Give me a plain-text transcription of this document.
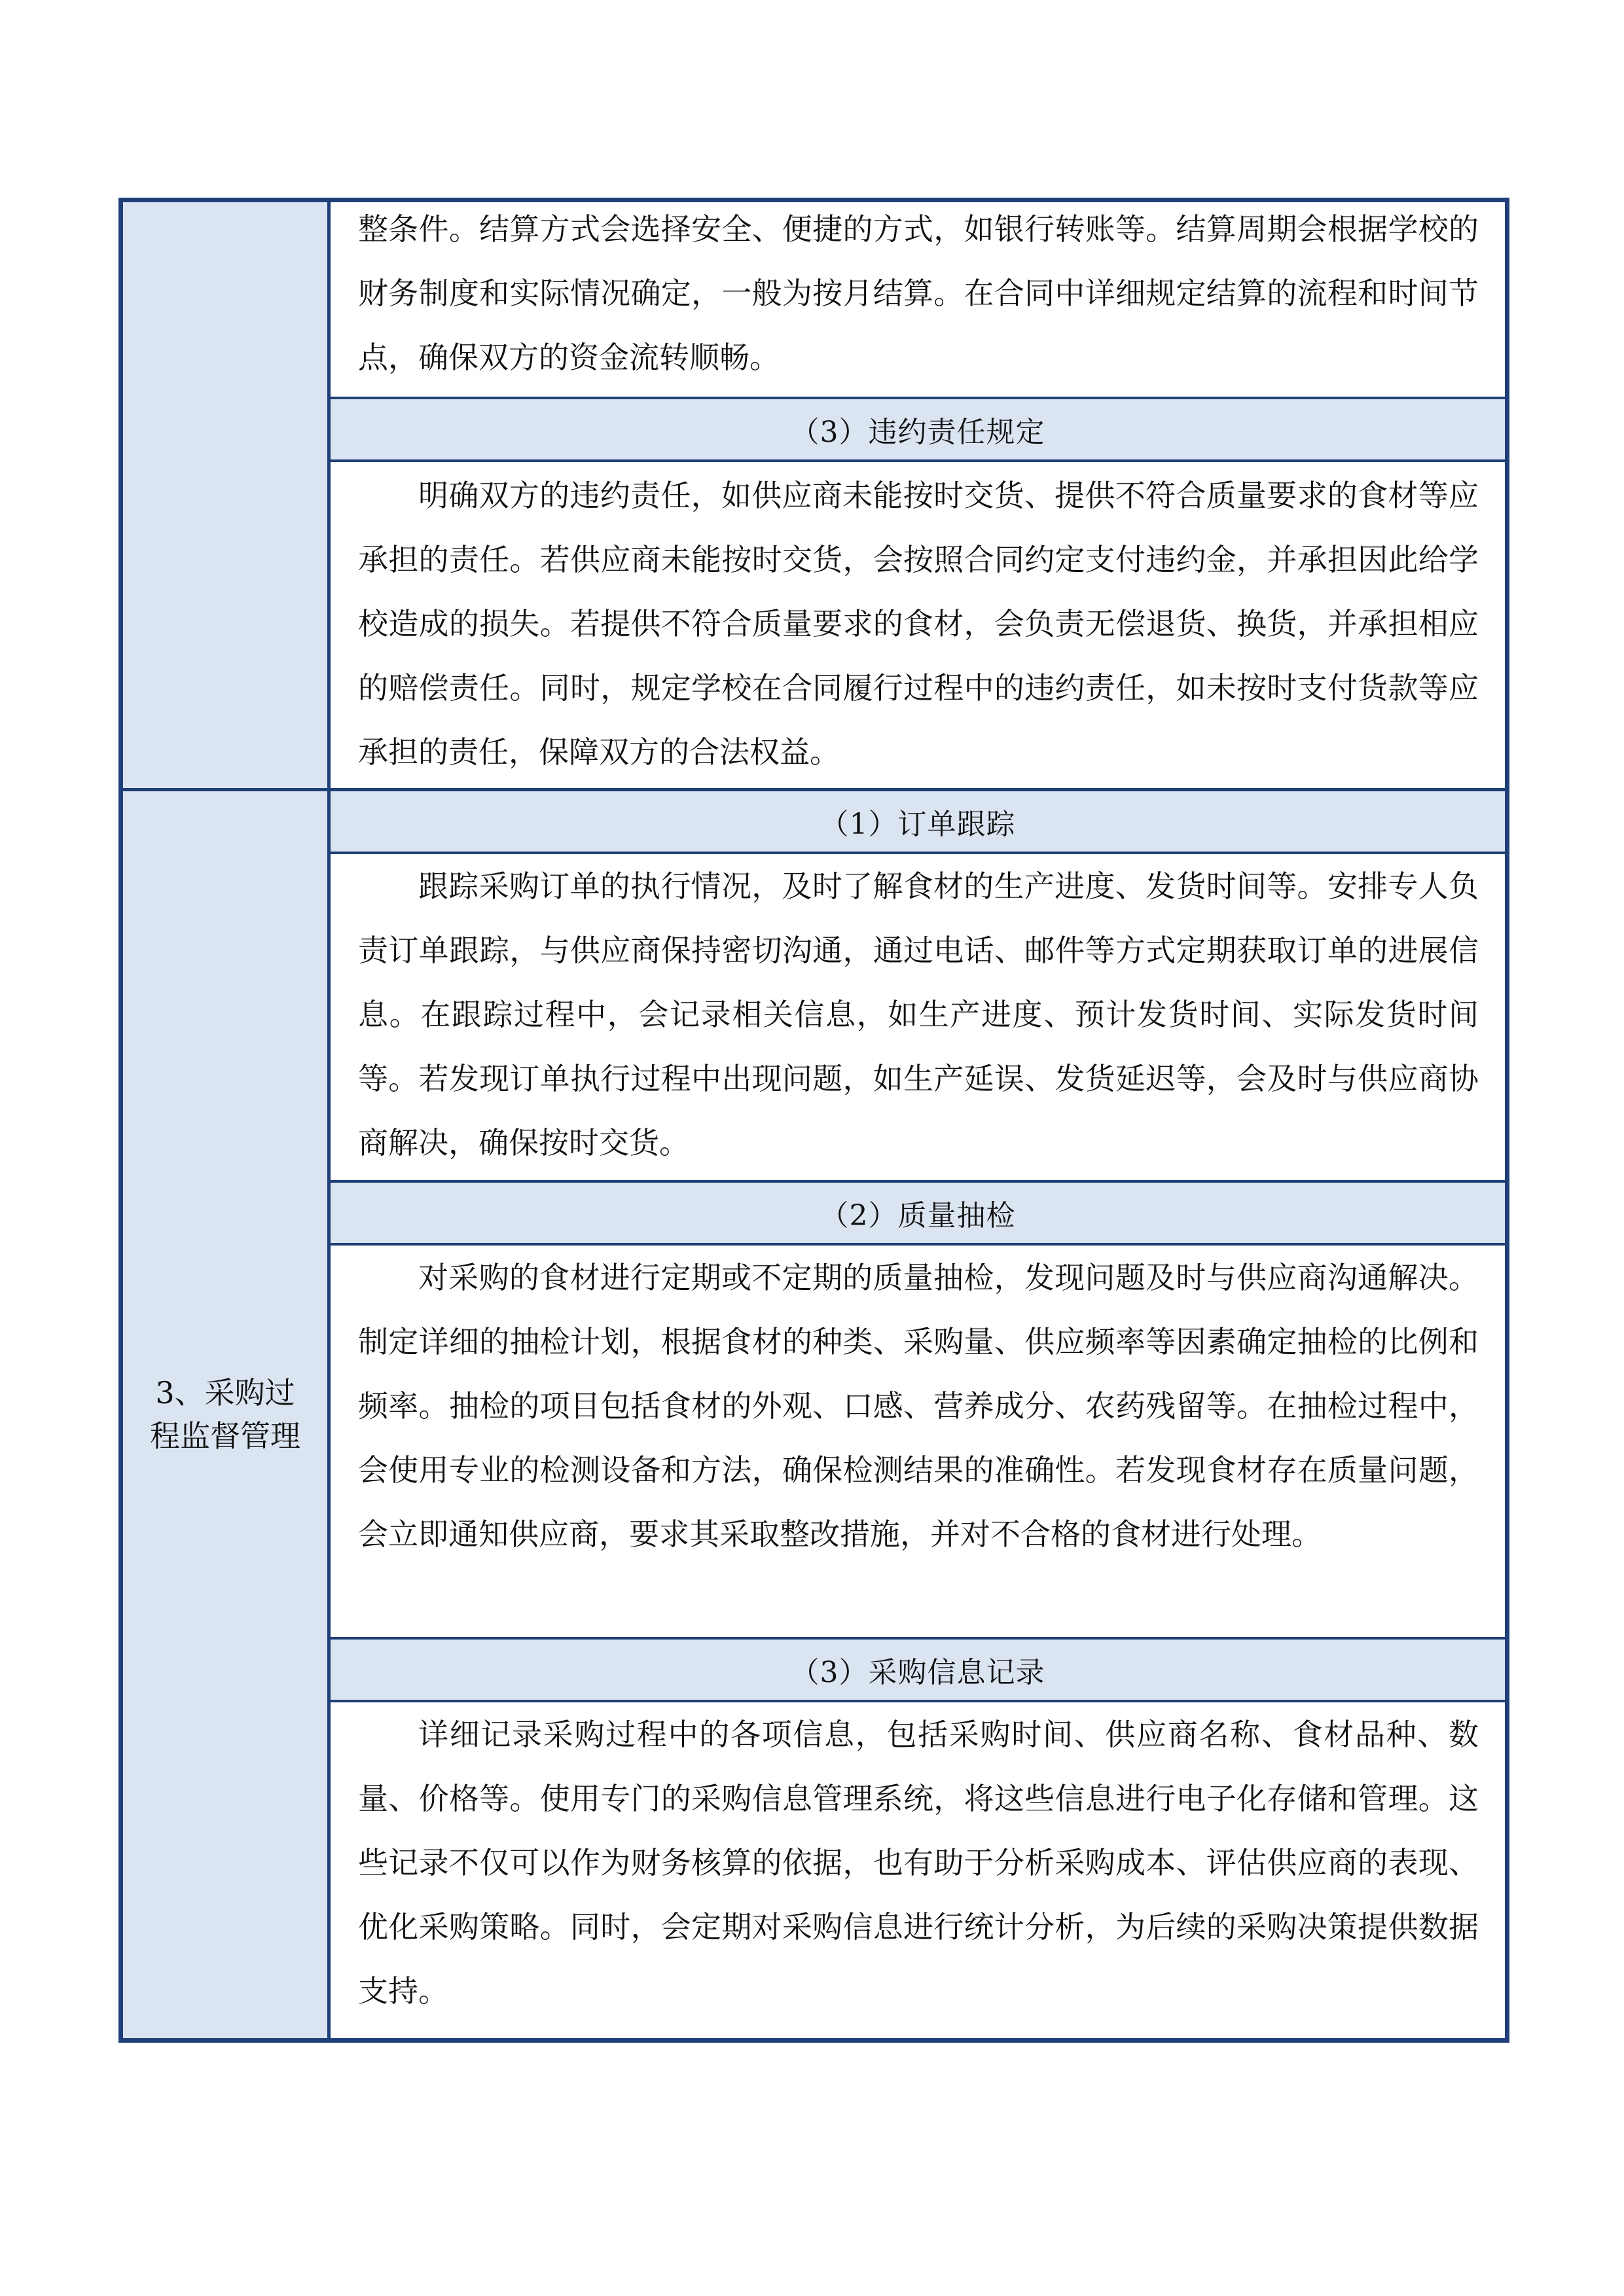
3、采购过程监督管理
整条件。结算方式会选择安全、便捷的方式，如银行转账等。结算周期会根据学校的财务制度和实际情况确定，一般为按月结算。在合同中详细规定结算的流程和时间节点，确保双方的资金流转顺畅。
（3）违约责任规定
明确双方的违约责任，如供应商未能按时交货、提供不符合质量要求的食材等应承担的责任。若供应商未能按时交货，会按照合同约定支付违约金，并承担因此给学校造成的损失。若提供不符合质量要求的食材，会负责无偿退货、换货，并承担相应的赔偿责任。同时，规定学校在合同履行过程中的违约责任，如未按时支付货款等应承担的责任，保障双方的合法权益。
（1）订单跟踪
跟踪采购订单的执行情况，及时了解食材的生产进度、发货时间等。安排专人负责订单跟踪，与供应商保持密切沟通，通过电话、邮件等方式定期获取订单的进展信息。在跟踪过程中，会记录相关信息，如生产进度、预计发货时间、实际发货时间等。若发现订单执行过程中出现问题，如生产延误、发货延迟等，会及时与供应商协商解决，确保按时交货。
（2）质量抽检
对采购的食材进行定期或不定期的质量抽检，发现问题及时与供应商沟通解决。制定详细的抽检计划，根据食材的种类、采购量、供应频率等因素确定抽检的比例和频率。抽检的项目包括食材的外观、口感、营养成分、农药残留等。在抽检过程中，会使用专业的检测设备和方法，确保检测结果的准确性。若发现食材存在质量问题，会立即通知供应商，要求其采取整改措施，并对不合格的食材进行处理。
（3）采购信息记录
详细记录采购过程中的各项信息，包括采购时间、供应商名称、食材品种、数量、价格等。使用专门的采购信息管理系统，将这些信息进行电子化存储和管理。这些记录不仅可以作为财务核算的依据，也有助于分析采购成本、评估供应商的表现、优化采购策略。同时，会定期对采购信息进行统计分析，为后续的采购决策提供数据支持。
